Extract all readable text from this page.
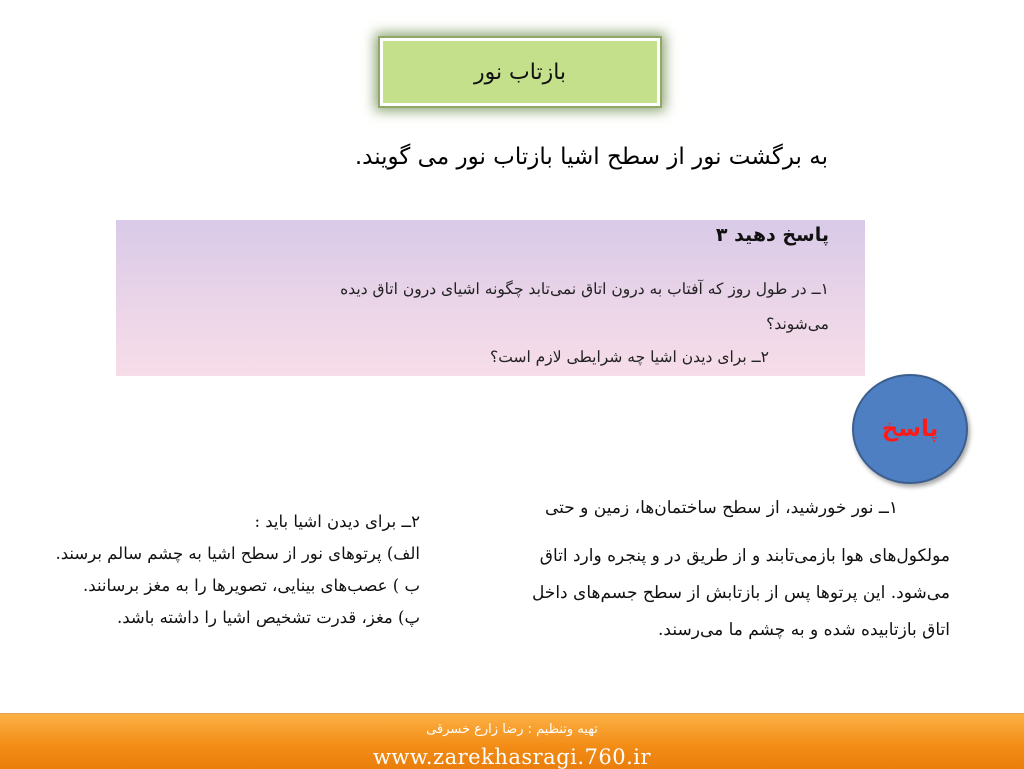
بازتاب نور
به برگشت نور از سطح اشیا بازتاب نور می گویند.
پاسخ دهید ۳
۱ــ در طول روز که آفتاب به درون اتاق نمی‌تابد چگونه اشیای درون اتاق دیده
می‌شوند؟
۲ــ برای دیدن اشیا چه شرایطی لازم است؟
پاسخ

۱ــ نور خورشید، از سطح ساختمان‌ها، زمین و حتی

مولکول‌های هوا بازمی‌تابند و از طریق در و پنجره وارد اتاق

می‌شود. این پرتوها پس از بازتابش از سطح جسم‌های داخل

اتاق بازتابیده شده و به چشم ما می‌رسند.

۲ــ برای دیدن اشیا باید :

الف) پرتوهای نور از سطح اشیا به چشم سالم برسند.

ب ) عصب‌های بینایی، تصویرها را به مغز برسانند.

پ) مغز، قدرت تشخیص اشیا را داشته باشد.

تهیه وتنظیم : رضا زارع خسرقی
www.zarekhasragi.760.ir
